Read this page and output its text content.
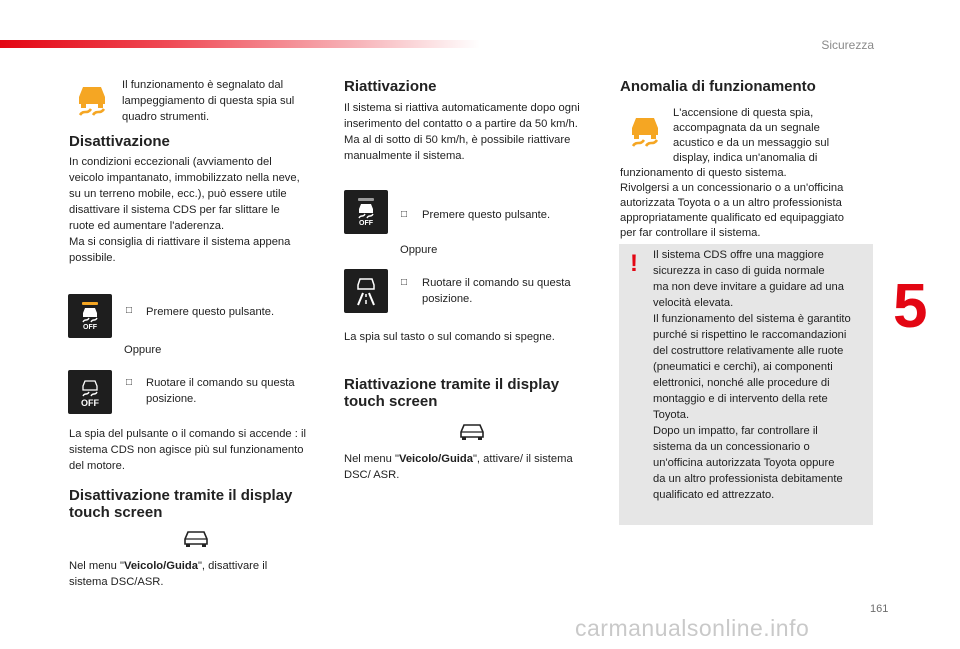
Sicurezza
5
161
carmanualsonline.info
Il funzionamento è segnalato dal
lampeggiamento di questa spia sul
quadro strumenti.
Disattivazione
In condizioni eccezionali (avviamento del
veicolo impantanato, immobilizzato nella neve,
su un terreno mobile, ecc.), può essere utile
disattivare il sistema CDS per far slittare le
ruote ed aumentare l'aderenza.
Ma si consiglia di riattivare il sistema appena
possibile.
OFF
□ Premere questo pulsante.
Oppure
OFF
□ Ruotare il comando su questa
posizione.
La spia del pulsante o il comando si accende : il
sistema CDS non agisce più sul funzionamento
del motore.
Disattivazione tramite il display
touch screen
Nel menu "Veicolo/Guida", disattivare il
sistema DSC/ASR.
Riattivazione
Il sistema si riattiva automaticamente dopo ogni
inserimento del contatto o a partire da 50 km/h.
Ma al di sotto di 50 km/h, è possibile riattivare
manualmente il sistema.
OFF
□ Premere questo pulsante.
Oppure
□ Ruotare il comando su questa
posizione.
La spia sul tasto o sul comando si spegne.
Riattivazione tramite il display
touch screen
Nel menu "Veicolo/Guida", attivare/ il sistema
DSC/ ASR.
Anomalia di funzionamento
L'accensione di questa spia,
accompagnata da un segnale
acustico e da un messaggio sul
display, indica un'anomalia di
funzionamento di questo sistema.
Rivolgersi a un concessionario o a un'officina
autorizzata Toyota o a un altro professionista
appropriatamente qualificato ed equipaggiato
per far controllare il sistema.
! Il sistema CDS offre una maggiore
sicurezza in caso di guida normale
ma non deve invitare a guidare ad una
velocità elevata.
Il funzionamento del sistema è garantito
purché si rispettino le raccomandazioni
del costruttore relativamente alle ruote
(pneumatici e cerchi), ai componenti
elettronici, nonché alle procedure di
montaggio e di intervento della rete
Toyota.
Dopo un impatto, far controllare il
sistema da un concessionario o
un'officina autorizzata Toyota oppure
da un altro professionista debitamente
qualificato ed attrezzato.
